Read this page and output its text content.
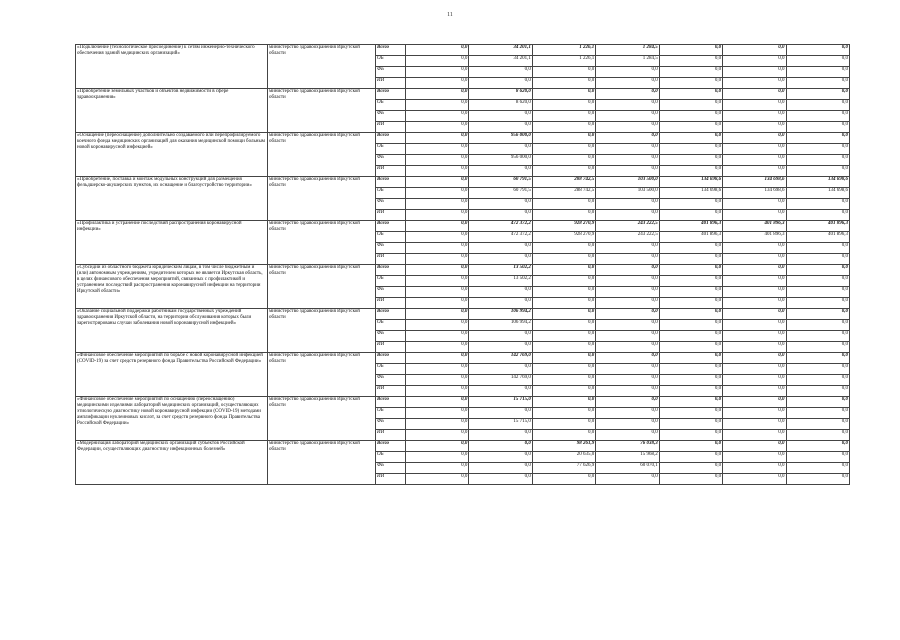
11
«Подключение (технологическое присоединение) к сетям инженерно-технического обеспечения зданий медицинских организаций»	министерство здравоохранения Иркутской области	Всего	0,0	34 201,1	1 226,1	1 284,5	0,0	0,0	0,0
		ОБ	0,0	34 201,1	1 226,1	1 284,5	0,0	0,0	0,0
		ФБ	0,0	0,0	0,0	0,0	0,0	0,0	0,0
		ИИ	0,0	0,0	0,0	0,0	0,0	0,0	0,0
«Приобретение земельных участков и объектов недвижимости в сфере здравоохранения»	министерство здравоохранения Иркутской области	Всего	0,0	8 620,0	0,0	0,0	0,0	0,0	0,0
		ОБ	0,0	8 620,0	0,0	0,0	0,0	0,0	0,0
		ФБ	0,0	0,0	0,0	0,0	0,0	0,0	0,0
		ИИ	0,0	0,0	0,0	0,0	0,0	0,0	0,0
«Оснащение (переоснащение) дополнительно создаваемого или перепрофилируемого коечного фонда медицинских организаций для оказания медицинской помощи больным новой коронавирусной инфекцией»	министерство здравоохранения Иркутской области	Всего	0,0	956 000,0	0,0	0,0	0,0	0,0	0,0
		ОБ	0,0	0,0	0,0	0,0	0,0	0,0	0,0
		ФБ	0,0	956 000,0	0,0	0,0	0,0	0,0	0,0
		ИИ	0,0	0,0	0,0	0,0	0,0	0,0	0,0
«Приобретение, поставка и монтаж модульных конструкций для размещения фельдшерско-акушерских пунктов, их оснащение и благоустройство территории»	министерство здравоохранения Иркутской области	Всего	0,0	60 791,5	288 742,5	103 500,0	134 698,6	134 698,6	134 698,6
		ОБ	0,0	60 791,5	288 742,5	103 500,0	134 698,6	134 698,6	134 698,6
		ФБ	0,0	0,0	0,0	0,0	0,0	0,0	0,0
		ИИ	0,0	0,0	0,0	0,0	0,0	0,0	0,0
«Профилактика и устранение последствий распространения коронавирусной инфекции»	министерство здравоохранения Иркутской области	Всего	0,0	472 372,2	928 270,9	243 222,5	401 896,3	401 896,3	401 896,3
		ОБ	0,0	472 372,2	928 270,9	243 222,5	401 896,3	401 896,3	401 896,3
		ФБ	0,0	0,0	0,0	0,0	0,0	0,0	0,0
		ИИ	0,0	0,0	0,0	0,0	0,0	0,0	0,0
«Субсидии из областного бюджета юридическим лицам, в том числе бюджетным и (или) автономным учреждениям, учредителем которых не является Иркутская область, в целях финансового обеспечения мероприятий, связанных с профилактикой и устранением последствий распространения коронавирусной инфекции на территории Иркутской области»	министерство здравоохранения Иркутской области	Всего	0,0	13 502,2	0,0	0,0	0,0	0,0	0,0
		ОБ	0,0	13 502,2	0,0	0,0	0,0	0,0	0,0
		ФБ	0,0	0,0	0,0	0,0	0,0	0,0	0,0
		ИИ	0,0	0,0	0,0	0,0	0,0	0,0	0,0
«Оказание социальной поддержки работникам государственных учреждений здравоохранения Иркутской области, на территории обслуживания которых были зарегистрированы случаи заболевания новой коронавирусной инфекцией»	министерство здравоохранения Иркутской области	Всего	0,0	106 994,2	0,0	0,0	0,0	0,0	0,0
		ОБ	0,0	106 994,2	0,0	0,0	0,0	0,0	0,0
		ФБ	0,0	0,0	0,0	0,0	0,0	0,0	0,0
		ИИ	0,0	0,0	0,0	0,0	0,0	0,0	0,0
«Финансовое обеспечение мероприятий по борьбе с новой коронавирусной инфекцией (COVID-19) за счет средств резервного фонда Правительства Российской Федерации»	министерство здравоохранения Иркутской области	Всего	0,0	142 769,0	0,0	0,0	0,0	0,0	0,0
		ОБ	0,0	0,0	0,0	0,0	0,0	0,0	0,0
		ФБ	0,0	142 769,0	0,0	0,0	0,0	0,0	0,0
		ИИ	0,0	0,0	0,0	0,0	0,0	0,0	0,0
«Финансовое обеспечение мероприятий по оснащению (переоснащению) медицинскими изделиями лабораторий медицинских организаций, осуществляющих этиологическую диагностику новой коронавирусной инфекции (COVID-19) методами амплификации нуклеиновых кислот, за счет средств резервного фонда Правительства Российской Федерации»	министерство здравоохранения Иркутской области	Всего	0,0	15 715,0	0,0	0,0	0,0	0,0	0,0
		ОБ	0,0	0,0	0,0	0,0	0,0	0,0	0,0
		ФБ	0,0	15 715,0	0,0	0,0	0,0	0,0	0,0
		ИИ	0,0	0,0	0,0	0,0	0,0	0,0	0,0
«Модернизация лабораторий медицинских организаций субъектов Российской Федерации, осуществляющих диагностику инфекционных болезней»	министерство здравоохранения Иркутской области	Всего	0,0	0,0	98 261,9	76 038,3	0,0	0,0	0,0
		ОБ	0,0	0,0	20 635,0	15 968,2	0,0	0,0	0,0
		ФБ	0,0	0,0	77 626,9	60 070,1	0,0	0,0	0,0
		ИИ	0,0	0,0	0,0	0,0	0,0	0,0	0,0
